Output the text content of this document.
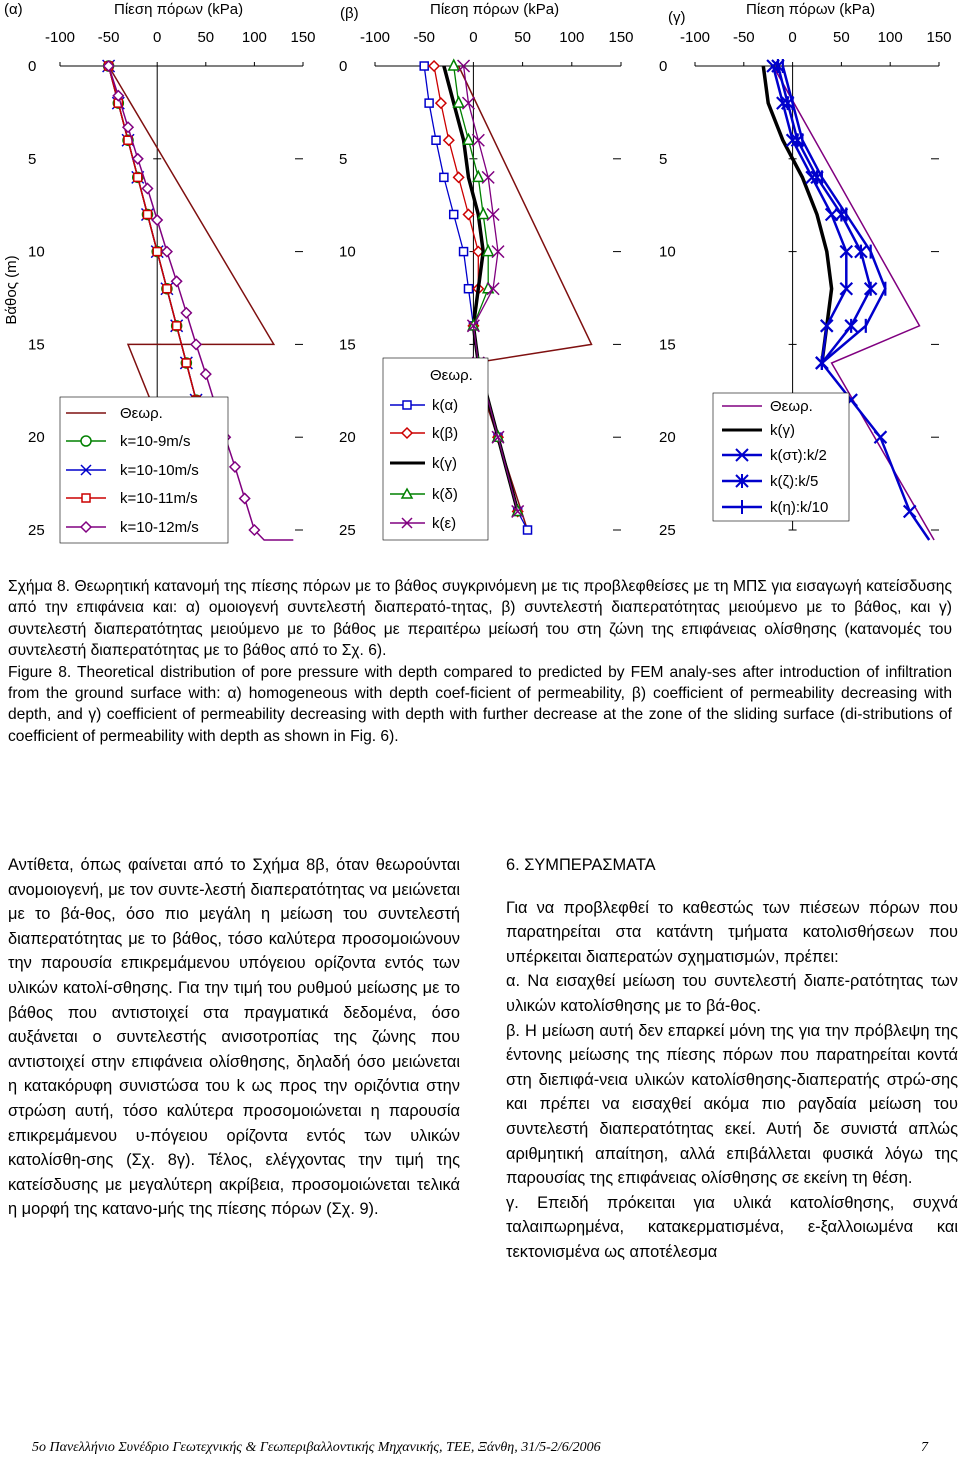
(α)	Πίεση πόρων (kPa)	(β)	Πίεση πόρων (kPa)	(γ)	Πίεση πόρων (kPa)
Βάθος (m)
-100 -50 0 50 100 150
0
5
10
15
20
25
-100 -50 0 50 100 150
0
5
10
15
20
25
-100 -50 0 50 100 150
0
5
10
15
20
25
Θεωρ.
k=10-9m/s
k=10-10m/s
k=10-11m/s
k=10-12m/s
Θεωρ.
k(α)
k(β)
k(γ)
k(δ)
k(ε)
Θεωρ.
k(γ)
k(στ):k/2
k(ζ):k/5
k(η):k/10

Σχήμα 8. Θεωρητική κατανομή της πίεσης πόρων με το βάθος συγκρινόμενη με τις προβλεφθείσες με τη ΜΠΣ για εισαγωγή κατείσδυσης από την επιφάνεια και: α) ομοιογενή συντελεστή διαπερατό-τητας, β) συντελεστή διαπερατότητας μειούμενο με το βάθος, και γ) συντελεστή διαπερατότητας μειούμενο με το βάθος με περαιτέρω μείωσή του στη ζώνη της επιφάνειας ολίσθησης (κατανομές του συντελεστή διαπερατότητας με το βάθος από το Σχ. 6).

Figure 8. Theoretical distribution of pore pressure with depth compared to predicted by FEM analy-ses after introduction of infiltration from the ground surface with: α) homogeneous with depth coef-ficient of permeability, β) coefficient of permeability decreasing with depth, and γ) coefficient of permeability decreasing with depth with further decrease at the zone of the sliding surface (di-stributions of coefficient of permeability with depth as shown in Fig. 6).

Αντίθετα, όπως φαίνεται από το Σχήμα 8β, όταν θεωρούνται ανομοιογενή, με τον συντε-λεστή διαπερατότητας να μειώνεται με το βά-θος, όσο πιο μεγάλη η μείωση του συντελεστή διαπερατότητας με το βάθος, τόσο καλύτερα προσομοιώνουν την παρουσία επικρεμάμενου υπόγειου ορίζοντα εντός των υλικών κατολί-σθησης. Για την τιμή του ρυθμού μείωσης με το βάθος που αντιστοιχεί στα πραγματικά δεδομένα, όσο αυξάνεται ο συντελεστής ανισοτροπίας της ζώνης που αντιστοιχεί στην επιφάνεια ολίσθησης, δηλαδή όσο μειώνεται η κατακόρυφη συνιστώσα του k ως προς την οριζόντια στην στρώση αυτή, τόσο καλύτερα προσομοιώνεται η παρουσία επικρεμάμενου υ-πόγειου ορίζοντα εντός των υλικών κατολίσθη-σης (Σχ. 8γ). Τέλος, ελέγχοντας την τιμή της κατείσδυσης με μεγαλύτερη ακρίβεια, προσομοιώνεται τελικά η μορφή της κατανο-μής της πίεσης πόρων (Σχ. 9).

6. ΣΥΜΠΕΡΑΣΜΑΤΑ

Για να προβλεφθεί το καθεστώς των πιέσεων πόρων που παρατηρείται στα κατάντη τμήματα κατολισθήσεων που υπέρκειται διαπερατών σχηματισμών, πρέπει:

α. Να εισαχθεί μείωση του συντελεστή διαπε-ρατότητας των υλικών κατολίσθησης με το βά-θος.

β. Η μείωση αυτή δεν επαρκεί μόνη της για την πρόβλεψη της έντονης μείωσης της πίεσης πόρων που παρατηρείται κοντά στη διεπιφά-νεια υλικών κατολίσθησης-διαπερατής στρώ-σης και πρέπει να εισαχθεί ακόμα πιο ραγδαία μείωση του συντελεστή διαπερατότητας εκεί. Αυτή δε συνιστά απλώς αριθμητική απαίτηση, αλλά επιβάλλεται φυσικά λόγω της παρουσίας της επιφάνειας ολίσθησης σε εκείνη τη θέση.

γ. Επειδή πρόκειται για υλικά κατολίσθησης, συχνά ταλαιπωρημένα, κατακερματισμένα, ε-ξαλλοιωμένα και τεκτονισμένα ως αποτέλεσμα

5o Πανελλήνιο Συνέδριο Γεωτεχνικής & Γεωπεριβαλλοντικής Μηχανικής, ΤΕΕ, Ξάνθη, 31/5-2/6/2006	7
